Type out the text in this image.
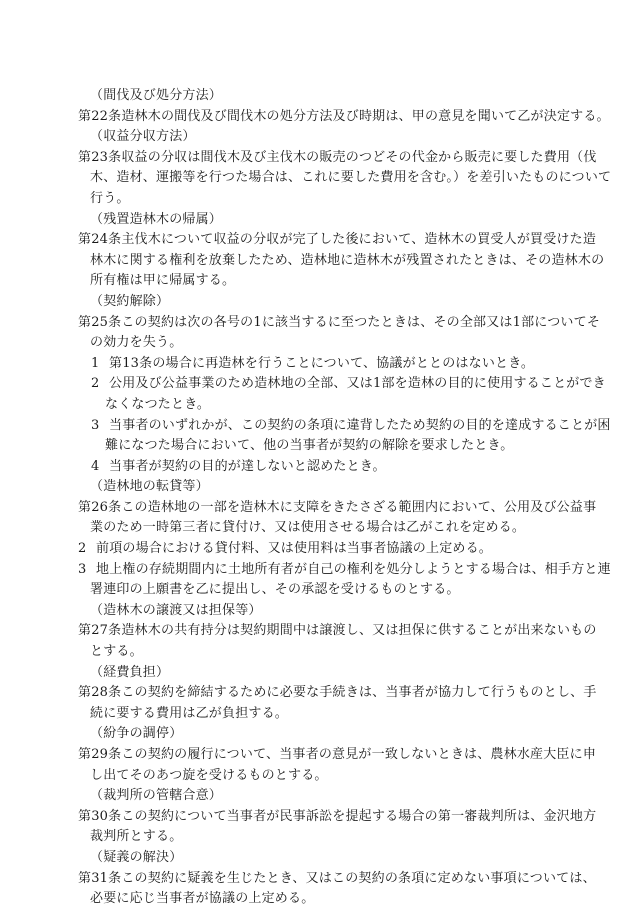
（間伐及び処分方法）
第22条造林木の間伐及び間伐木の処分方法及び時期は、甲の意見を聞いて乙が決定する。
（収益分収方法）
第23条収益の分収は間伐木及び主伐木の販売のつどその代金から販売に要した費用（伐
木、造材、運搬等を行つた場合は、これに要した費用を含む。）を差引いたものについて
行う。
（残置造林木の帰属）
第24条主伐木について収益の分収が完了した後において、造林木の買受人が買受けた造
林木に関する権利を放棄したため、造林地に造林木が残置されたときは、その造林木の
所有権は甲に帰属する。
（契約解除）
第25条この契約は次の各号の1に該当するに至つたときは、その全部又は1部についてそ
の効力を失う。
1 第13条の場合に再造林を行うことについて、協議がととのはないとき。
2 公用及び公益事業のため造林地の全部、又は1部を造林の目的に使用することができ
なくなつたとき。
3 当事者のいずれかが、この契約の条項に違背したため契約の目的を達成することが困
難になつた場合において、他の当事者が契約の解除を要求したとき。
4 当事者が契約の目的が達しないと認めたとき。
（造林地の転貸等）
第26条この造林地の一部を造林木に支障をきたさざる範囲内において、公用及び公益事
業のため一時第三者に貸付け、又は使用させる場合は乙がこれを定める。
2 前項の場合における貸付料、又は使用料は当事者協議の上定める。
3 地上権の存続期間内に土地所有者が自己の権利を処分しようとする場合は、相手方と連
署連印の上願書を乙に提出し、その承認を受けるものとする。
（造林木の譲渡又は担保等）
第27条造林木の共有持分は契約期間中は譲渡し、又は担保に供することが出来ないもの
とする。
（経費負担）
第28条この契約を締結するために必要な手続きは、当事者が協力して行うものとし、手
続に要する費用は乙が負担する。
（紛争の調停）
第29条この契約の履行について、当事者の意見が一致しないときは、農林水産大臣に申
し出てそのあつ旋を受けるものとする。
（裁判所の管轄合意）
第30条この契約について当事者が民事訴訟を提起する場合の第一審裁判所は、金沢地方
裁判所とする。
（疑義の解決）
第31条この契約に疑義を生じたとき、又はこの契約の条項に定めない事項については、
必要に応じ当事者が協議の上定める。
